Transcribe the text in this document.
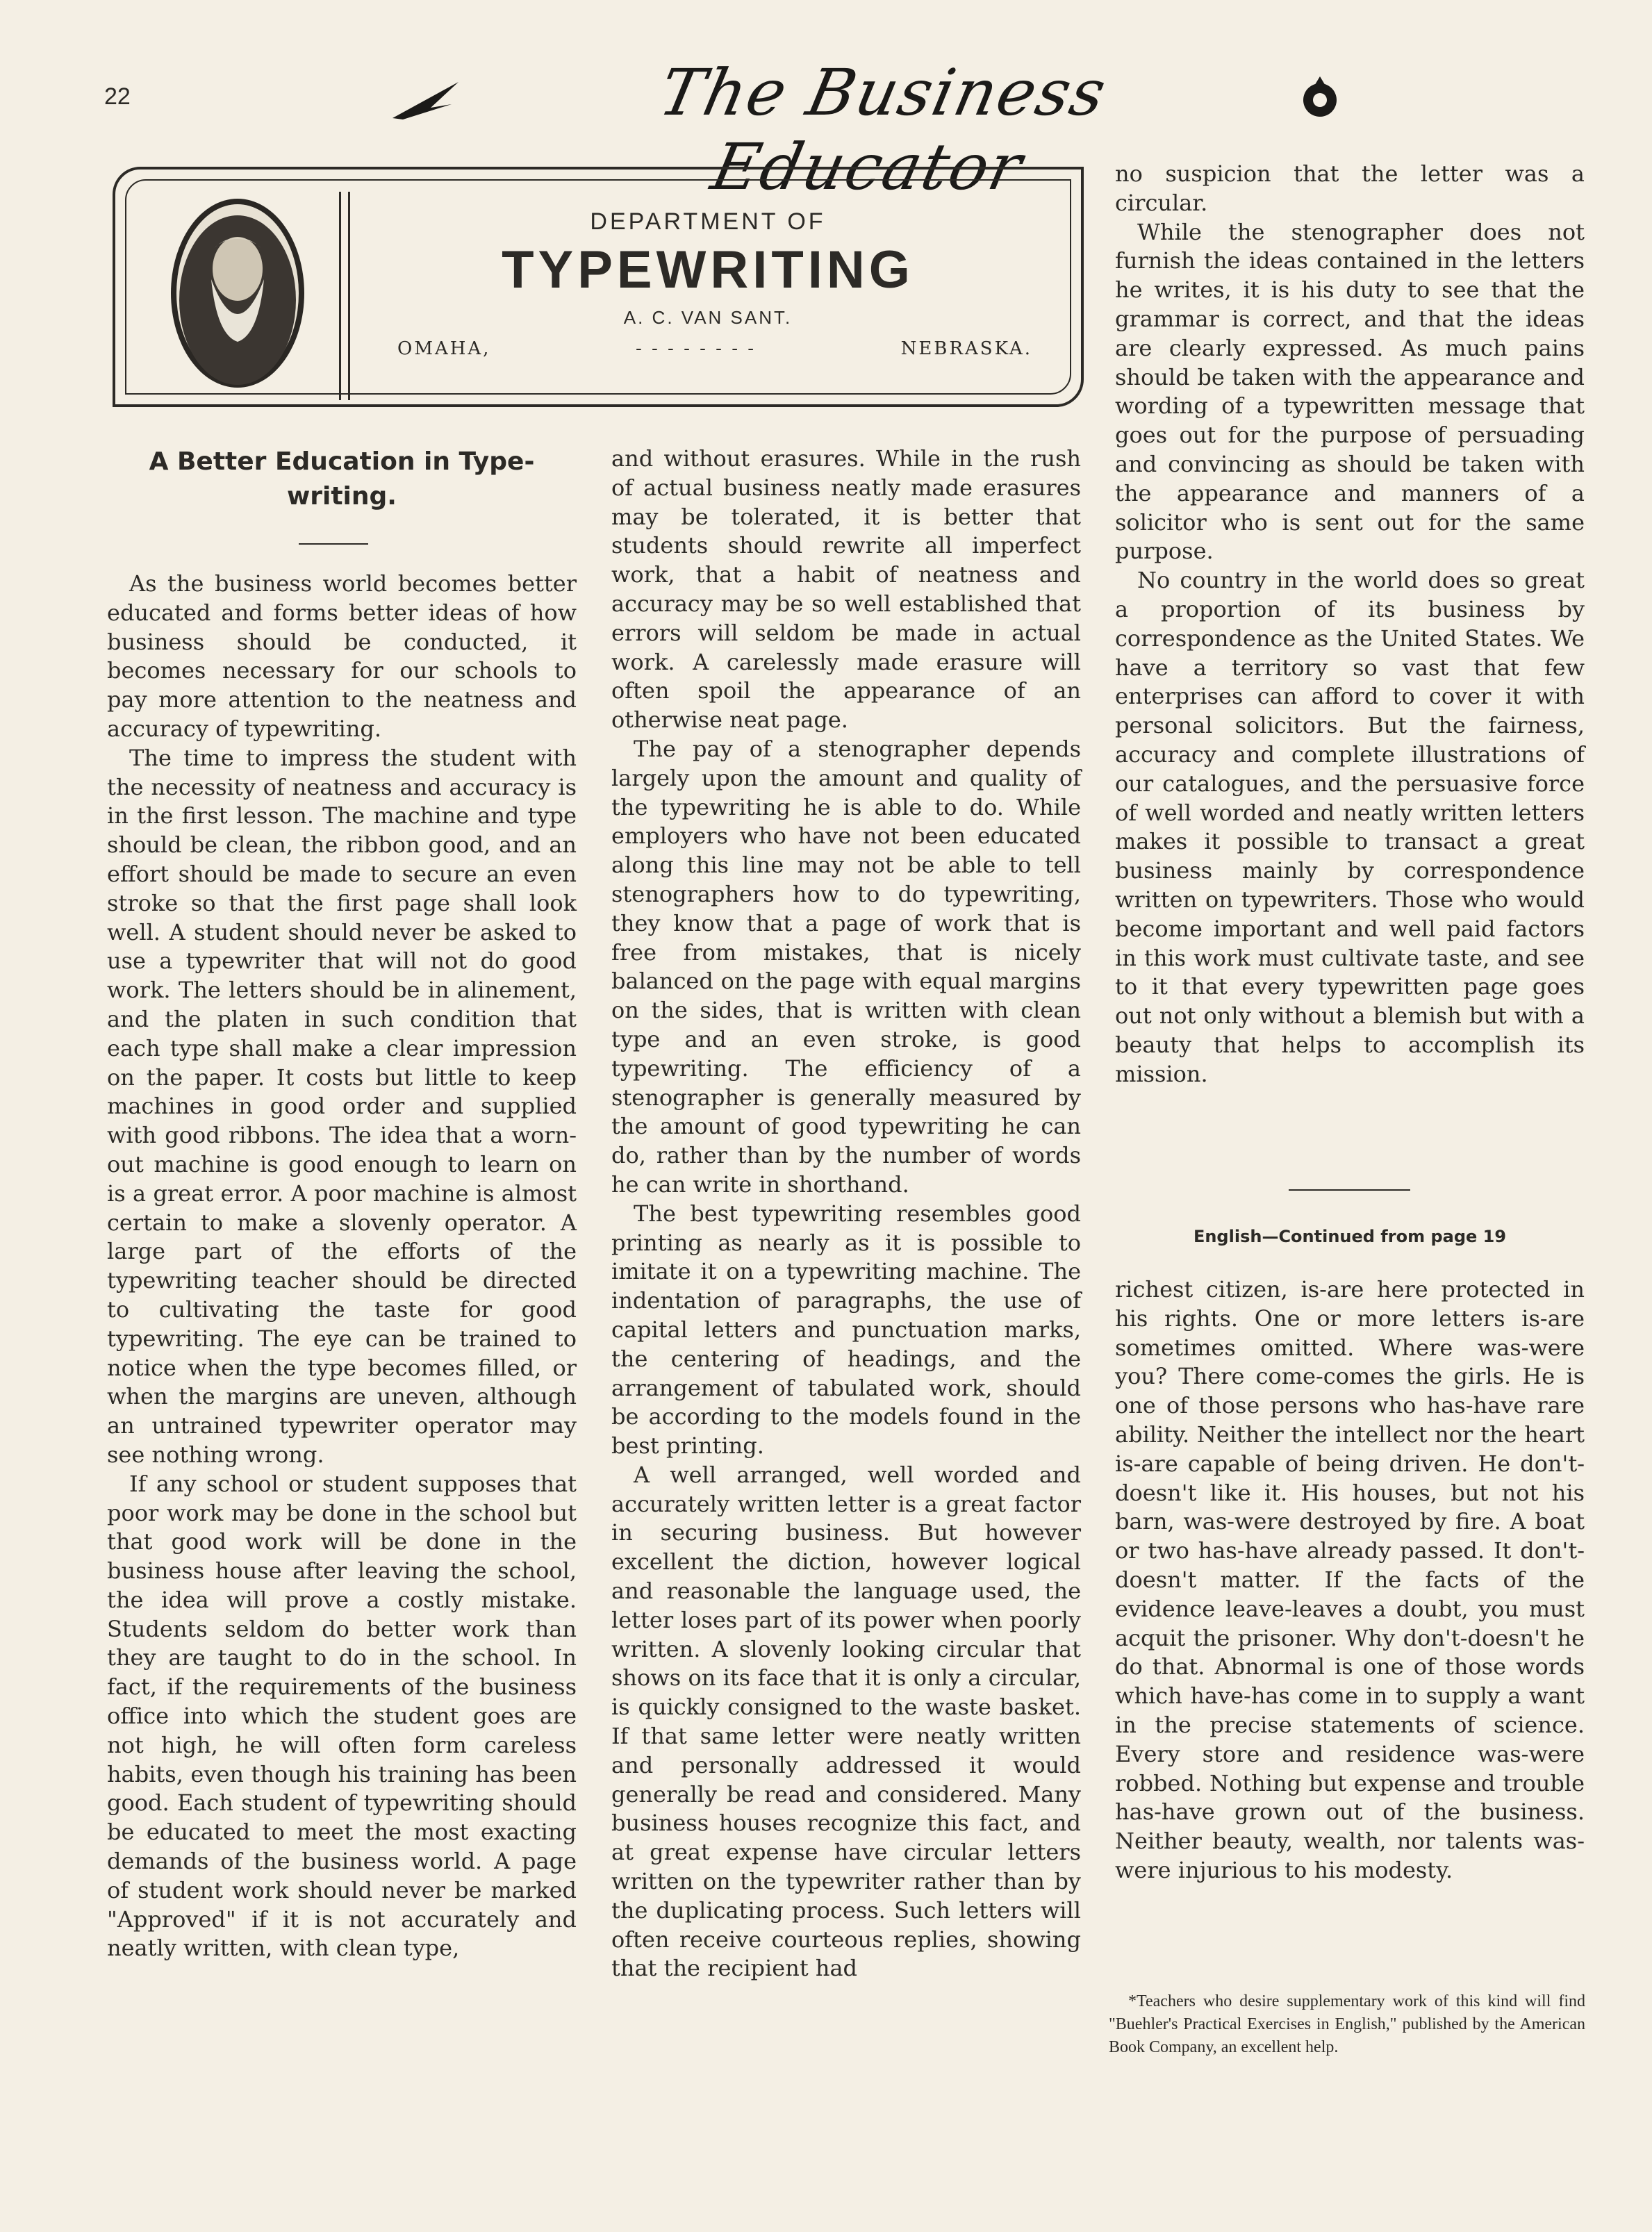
22	The Business Educator
DEPARTMENT OF
TYPEWRITING
A. C. VAN SANT.
OMAHA,	- - - - - - - -	NEBRASKA.
A Better Education in Type-writing.

As the business world becomes better educated and forms better ideas of how business should be conducted, it becomes necessary for our schools to pay more attention to the neatness and accuracy of typewriting.

The time to impress the student with the necessity of neatness and accuracy is in the first lesson. The machine and type should be clean, the ribbon good, and an effort should be made to secure an even stroke so that the first page shall look well. A student should never be asked to use a typewriter that will not do good work. The letters should be in alinement, and the platen in such condition that each type shall make a clear impression on the paper. It costs but little to keep machines in good order and supplied with good ribbons. The idea that a worn-out machine is good enough to learn on is a great error. A poor machine is almost certain to make a slovenly operator. A large part of the efforts of the typewriting teacher should be directed to cultivating the taste for good typewriting. The eye can be trained to notice when the type becomes filled, or when the margins are uneven, although an untrained typewriter operator may see nothing wrong.

If any school or student supposes that poor work may be done in the school but that good work will be done in the business house after leaving the school, the idea will prove a costly mistake. Students seldom do better work than they are taught to do in the school. In fact, if the requirements of the business office into which the student goes are not high, he will often form careless habits, even though his training has been good. Each student of typewriting should be educated to meet the most exacting demands of the business world. A page of student work should never be marked "Approved" if it is not accurately and neatly written, with clean type,

and without erasures. While in the rush of actual business neatly made erasures may be tolerated, it is better that students should rewrite all imperfect work, that a habit of neatness and accuracy may be so well established that errors will seldom be made in actual work. A carelessly made erasure will often spoil the appearance of an otherwise neat page.

The pay of a stenographer depends largely upon the amount and quality of the typewriting he is able to do. While employers who have not been educated along this line may not be able to tell stenographers how to do typewriting, they know that a page of work that is free from mistakes, that is nicely balanced on the page with equal margins on the sides, that is written with clean type and an even stroke, is good typewriting. The efficiency of a stenographer is generally measured by the amount of good typewriting he can do, rather than by the number of words he can write in shorthand.

The best typewriting resembles good printing as nearly as it is possible to imitate it on a typewriting machine. The indentation of paragraphs, the use of capital letters and punctuation marks, the centering of headings, and the arrangement of tabulated work, should be according to the models found in the best printing.

A well arranged, well worded and accurately written letter is a great factor in securing business. But however excellent the diction, however logical and reasonable the language used, the letter loses part of its power when poorly written. A slovenly looking circular that shows on its face that it is only a circular, is quickly consigned to the waste basket. If that same letter were neatly written and personally addressed it would generally be read and considered. Many business houses recognize this fact, and at great expense have circular letters written on the typewriter rather than by the duplicating process. Such letters will often receive courteous replies, showing that the recipient had

no suspicion that the letter was a circular.

While the stenographer does not furnish the ideas contained in the letters he writes, it is his duty to see that the grammar is correct, and that the ideas are clearly expressed. As much pains should be taken with the appearance and wording of a typewritten message that goes out for the purpose of persuading and convincing as should be taken with the appearance and manners of a solicitor who is sent out for the same purpose.

No country in the world does so great a proportion of its business by correspondence as the United States. We have a territory so vast that few enterprises can afford to cover it with personal solicitors. But the fairness, accuracy and complete illustrations of our catalogues, and the persuasive force of well worded and neatly written letters makes it possible to transact a great business mainly by correspondence written on typewriters. Those who would become important and well paid factors in this work must cultivate taste, and see to it that every typewritten page goes out not only without a blemish but with a beauty that helps to accomplish its mission.

English—Continued from page 19

richest citizen, is-are here protected in his rights. One or more letters is-are sometimes omitted. Where was-were you? There come-comes the girls. He is one of those persons who has-have rare ability. Neither the intellect nor the heart is-are capable of being driven. He don't-doesn't like it. His houses, but not his barn, was-were destroyed by fire. A boat or two has-have already passed. It don't-doesn't matter. If the facts of the evidence leave-leaves a doubt, you must acquit the prisoner. Why don't-doesn't he do that. Abnormal is one of those words which have-has come in to supply a want in the precise statements of science. Every store and residence was-were robbed. Nothing but expense and trouble has-have grown out of the business. Neither beauty, wealth, nor talents was-were injurious to his modesty.

*Teachers who desire supplementary work of this kind will find "Buehler's Practical Exercises in English," published by the American Book Company, an excellent help.
